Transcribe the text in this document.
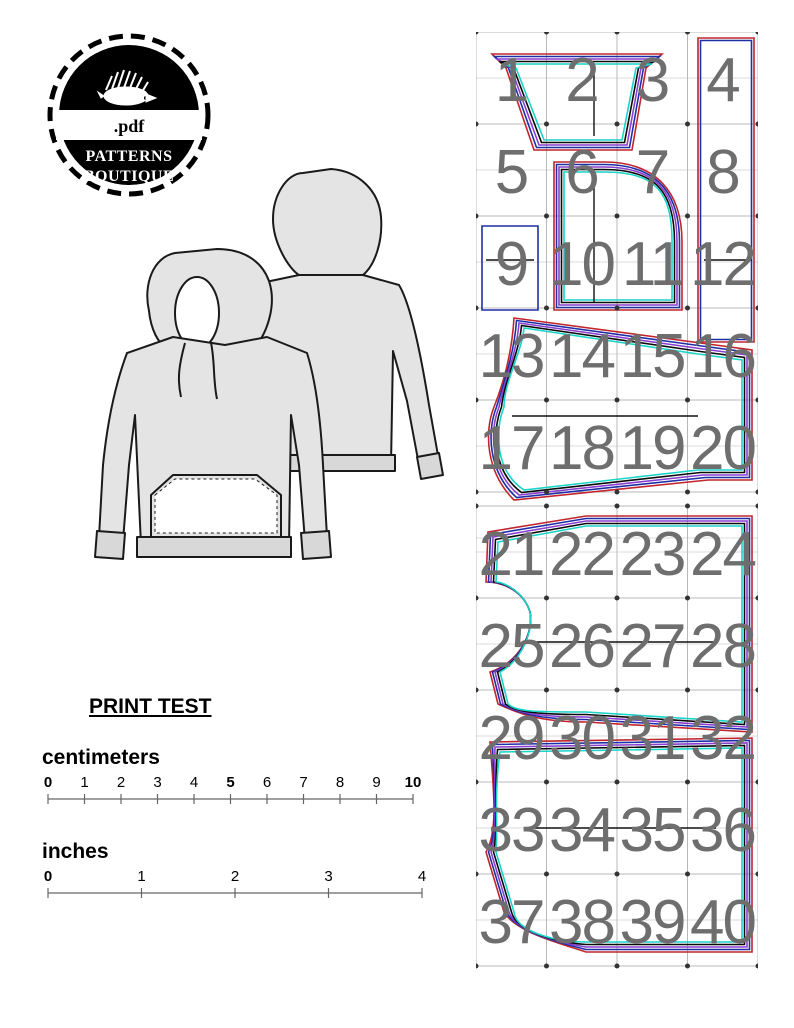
.pdf
PATTERNS
BOUTIQUE
PRINT TEST
centimeters
0 1 2 3 4 5 6 7 8 9 10
inches
0	1	2	3	4
1 2 3 4
5 6 7 8
9 10 11 12
13 14 15 16
17 18 19 20
21 22 23 24
25 26 27 28
29 30 31 32
33 34 35 36
37 38 39 40
